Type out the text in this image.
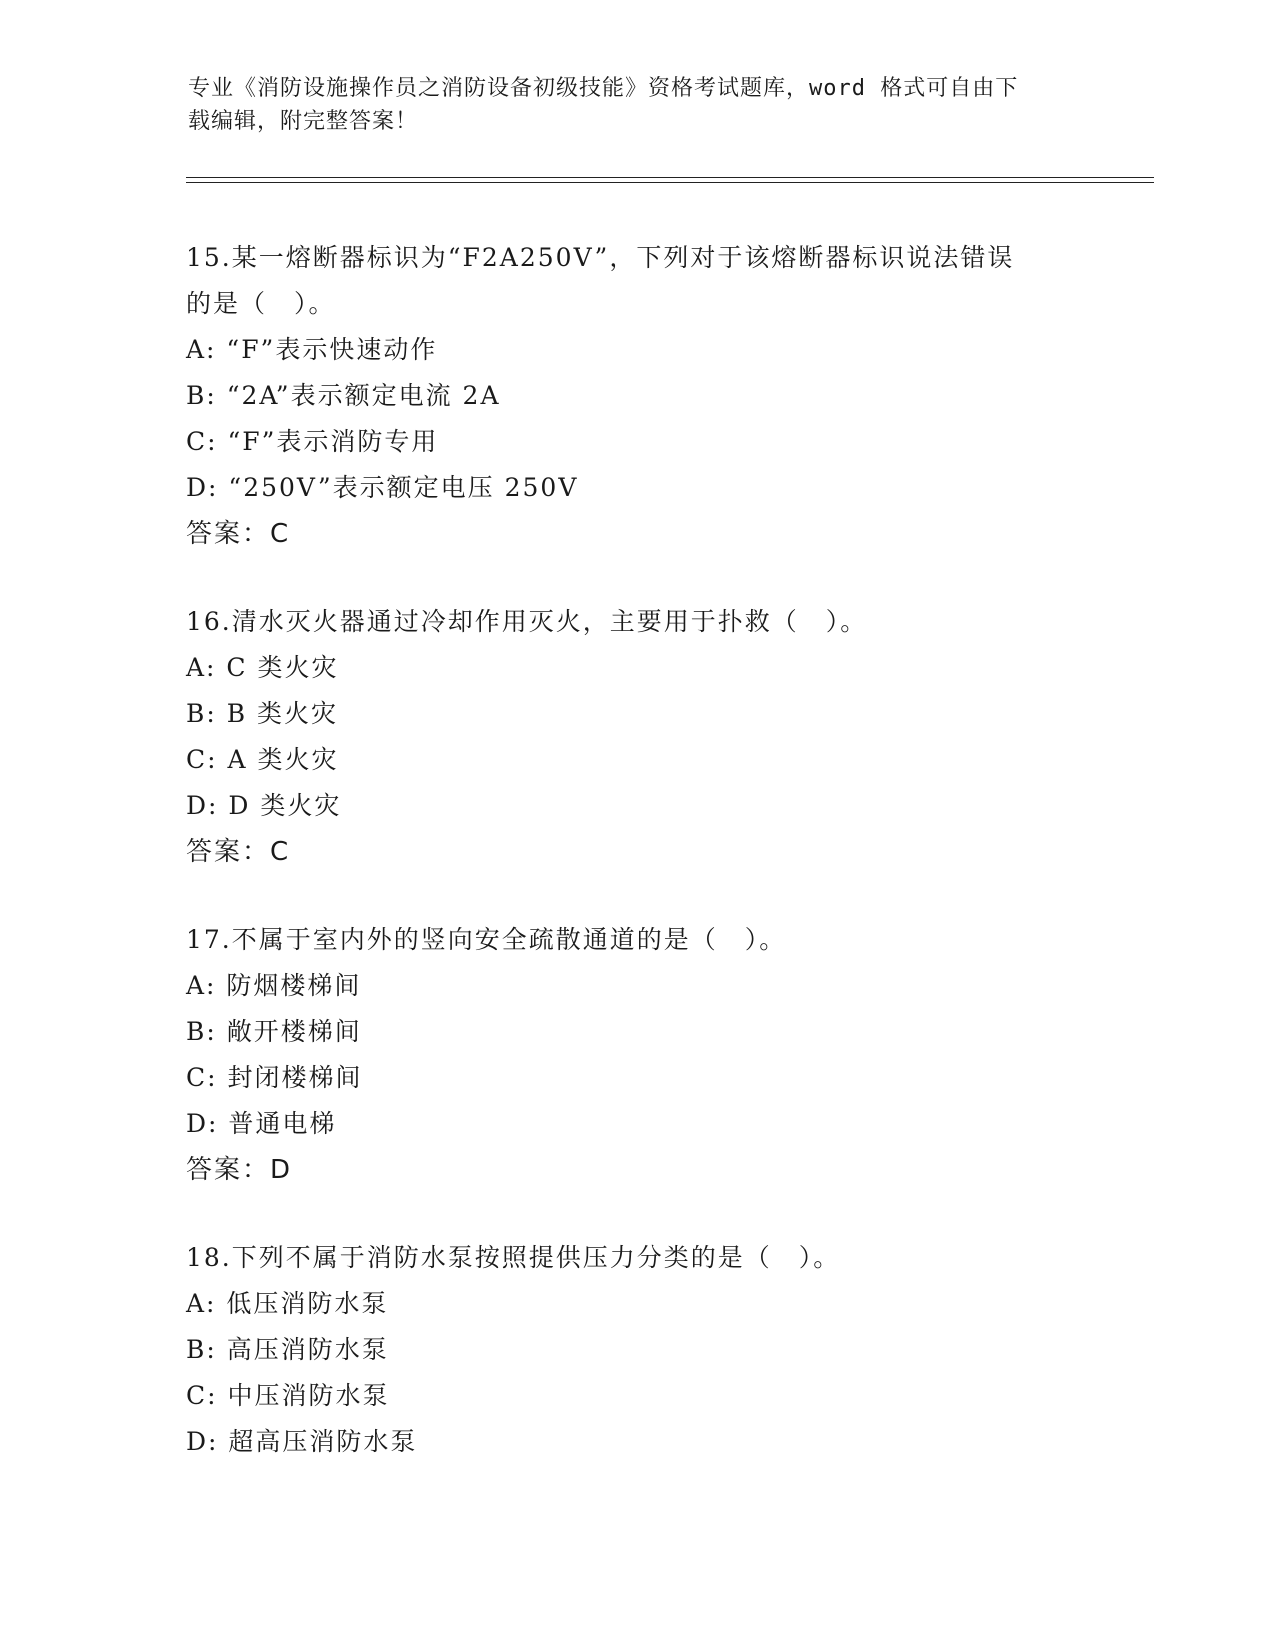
专业《消防设施操作员之消防设备初级技能》资格考试题库，word 格式可自由下
载编辑，附完整答案！

15.某一熔断器标识为“F2A250V”，下列对于该熔断器标识说法错误
的是（　）。

A: “F”表示快速动作

B: “2A”表示额定电流 2A

C: “F”表示消防专用

D: “250V”表示额定电压 250V

答案：C

16.清水灭火器通过冷却作用灭火，主要用于扑救（　）。

A: C 类火灾

B: B 类火灾

C: A 类火灾

D: D 类火灾

答案：C

17.不属于室内外的竖向安全疏散通道的是（　）。

A: 防烟楼梯间

B: 敞开楼梯间

C: 封闭楼梯间

D: 普通电梯

答案：D

18.下列不属于消防水泵按照提供压力分类的是（　）。

A: 低压消防水泵

B: 高压消防水泵

C: 中压消防水泵

D: 超高压消防水泵
